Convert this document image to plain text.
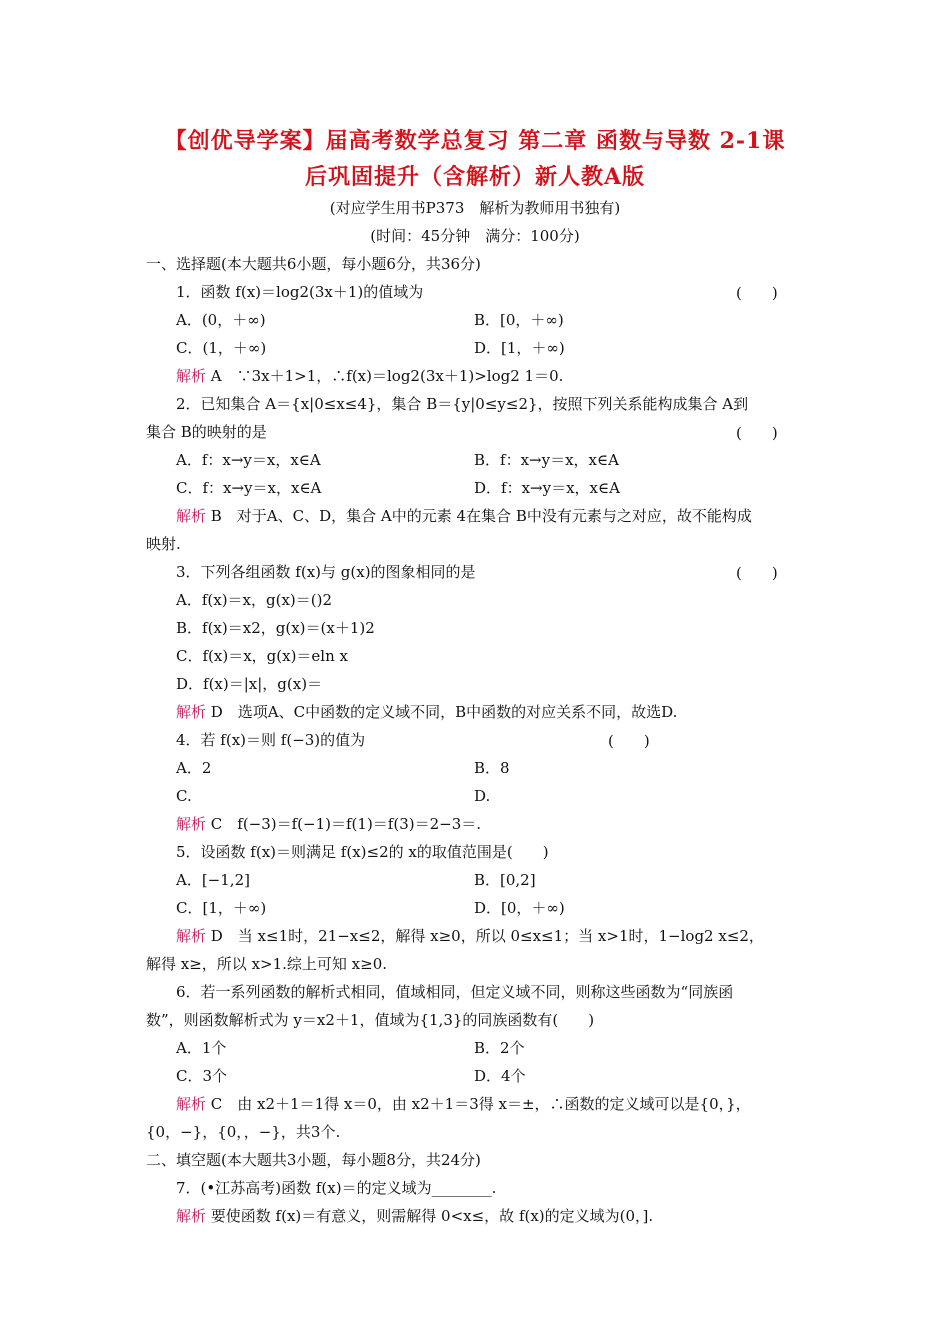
【创优导学案】届高考数学总复习 第二章 函数与导数 2-1课
后巩固提升（含解析）新人教A版
(对应学生用书P373　解析为教师用书独有)
(时间：45分钟　满分：100分)
一、选择题(本大题共6小题，每小题6分，共36分)
1．函数 f(x)＝log2(3x＋1)的值域为	(　　)
A．(0，＋∞)	B．[0，＋∞)
C．(1，＋∞)	D．[1，＋∞)
解析 A　∵3x＋1>1，∴f(x)＝log2(3x＋1)>log2 1＝0.
2．已知集合 A＝{x|0≤x≤4}，集合 B＝{y|0≤y≤2}，按照下列关系能构成集合 A到
集合 B的映射的是	(　　)
A．f：x→y＝x，x∈A	B．f：x→y＝x，x∈A
C．f：x→y＝x，x∈A	D．f：x→y＝x，x∈A
解析 B　对于A、C、D，集合 A中的元素 4在集合 B中没有元素与之对应，故不能构成
映射.
3．下列各组函数 f(x)与 g(x)的图象相同的是	(　　)
A．f(x)＝x，g(x)＝()2
B．f(x)＝x2，g(x)＝(x＋1)2
C．f(x)＝x，g(x)＝eln x
D．f(x)＝|x|，g(x)＝
解析 D　选项A、C中函数的定义域不同，B中函数的对应关系不同，故选D.
4．若 f(x)＝则 f(−3)的值为	(　　)
A．2	B．8
C.	D.
解析 C　f(−3)＝f(−1)＝f(1)＝f(3)＝2−3＝.
5．设函数 f(x)＝则满足 f(x)≤2的 x的取值范围是(　　)
A．[−1,2]	B．[0,2]
C．[1，＋∞)	D．[0，＋∞)
解析 D　当 x≤1时，21−x≤2，解得 x≥0，所以 0≤x≤1；当 x>1时，1−log2 x≤2，
解得 x≥，所以 x>1.综上可知 x≥0.
6．若一系列函数的解析式相同，值域相同，但定义域不同，则称这些函数为“同族函
数”，则函数解析式为 y＝x2＋1，值域为{1,3}的同族函数有(　　)
A．1个	B．2个
C．3个	D．4个
解析 C　由 x2＋1＝1得 x＝0，由 x2＋1＝3得 x＝±，∴函数的定义域可以是{0，}，
{0，−}，{0，，−}，共3个.
二、填空题(本大题共3小题，每小题8分，共24分)
7．(•江苏高考)函数 f(x)＝的定义域为________.
解析 要使函数 f(x)＝有意义，则需解得 0<x≤，故 f(x)的定义域为(0，].
